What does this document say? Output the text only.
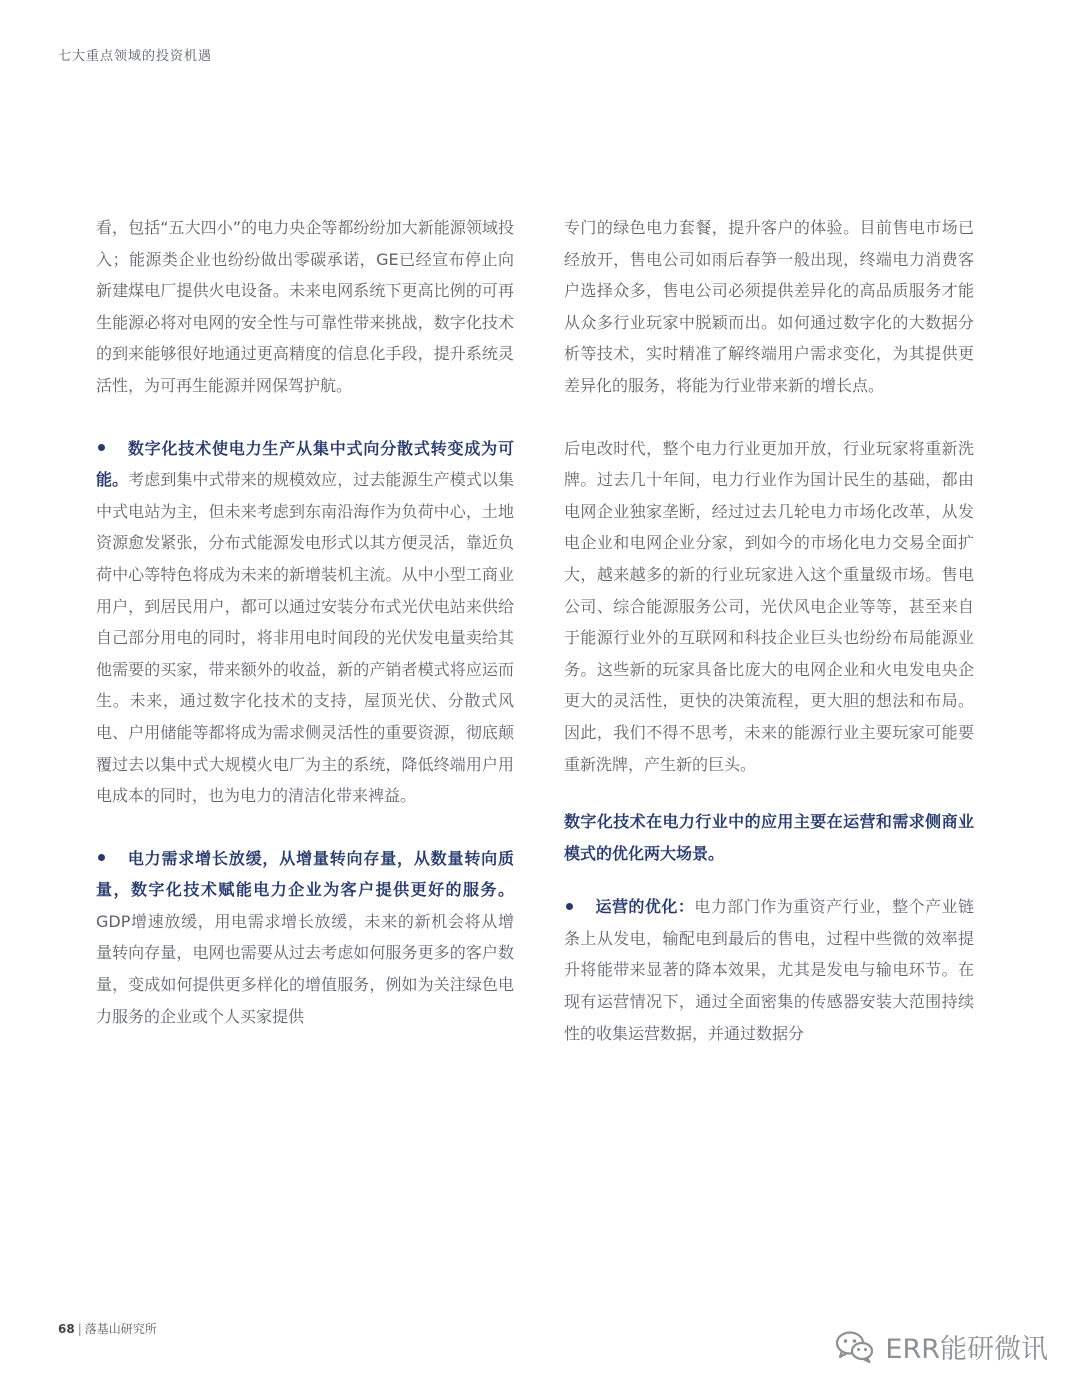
七大重点领域的投资机遇

看，包括“五大四小”的电力央企等都纷纷加大新能源领域投入；能源类企业也纷纷做出零碳承诺，GE已经宣布停止向新建煤电厂提供火电设备。未来电网系统下更高比例的可再生能源必将对电网的安全性与可靠性带来挑战，数字化技术的到来能够很好地通过更高精度的信息化手段，提升系统灵活性，为可再生能源并网保驾护航。

数字化技术使电力生产从集中式向分散式转变成为可能。考虑到集中式带来的规模效应，过去能源生产模式以集中式电站为主，但未来考虑到东南沿海作为负荷中心，土地资源愈发紧张，分布式能源发电形式以其方便灵活，靠近负荷中心等特色将成为未来的新增装机主流。从中小型工商业用户，到居民用户，都可以通过安装分布式光伏电站来供给自己部分用电的同时，将非用电时间段的光伏发电量卖给其他需要的买家，带来额外的收益，新的产销者模式将应运而生。未来，通过数字化技术的支持，屋顶光伏、分散式风电、户用储能等都将成为需求侧灵活性的重要资源，彻底颠覆过去以集中式大规模火电厂为主的系统，降低终端用户用电成本的同时，也为电力的清洁化带来裨益。

电力需求增长放缓，从增量转向存量，从数量转向质量，数字化技术赋能电力企业为客户提供更好的服务。GDP增速放缓，用电需求增长放缓，未来的新机会将从增量转向存量，电网也需要从过去考虑如何服务更多的客户数量，变成如何提供更多样化的增值服务，例如为关注绿色电力服务的企业或个人买家提供

专门的绿色电力套餐，提升客户的体验。目前售电市场已经放开，售电公司如雨后春笋一般出现，终端电力消费客户选择众多，售电公司必须提供差异化的高品质服务才能从众多行业玩家中脱颖而出。如何通过数字化的大数据分析等技术，实时精准了解终端用户需求变化，为其提供更差异化的服务，将能为行业带来新的增长点。

后电改时代，整个电力行业更加开放，行业玩家将重新洗牌。过去几十年间，电力行业作为国计民生的基础，都由电网企业独家垄断，经过过去几轮电力市场化改革，从发电企业和电网企业分家，到如今的市场化电力交易全面扩大，越来越多的新的行业玩家进入这个重量级市场。售电公司、综合能源服务公司，光伏风电企业等等，甚至来自于能源行业外的互联网和科技企业巨头也纷纷布局能源业务。这些新的玩家具备比庞大的电网企业和火电发电央企更大的灵活性，更快的决策流程，更大胆的想法和布局。因此，我们不得不思考，未来的能源行业主要玩家可能要重新洗牌，产生新的巨头。

数字化技术在电力行业中的应用主要在运营和需求侧商业模式的优化两大场景。

运营的优化：电力部门作为重资产行业，整个产业链条上从发电，输配电到最后的售电，过程中些微的效率提升将能带来显著的降本效果，尤其是发电与输电环节。在现有运营情况下，通过全面密集的传感器安装大范围持续性的收集运营数据，并通过数据分

68 | 落基山研究所
ERR能研微讯
